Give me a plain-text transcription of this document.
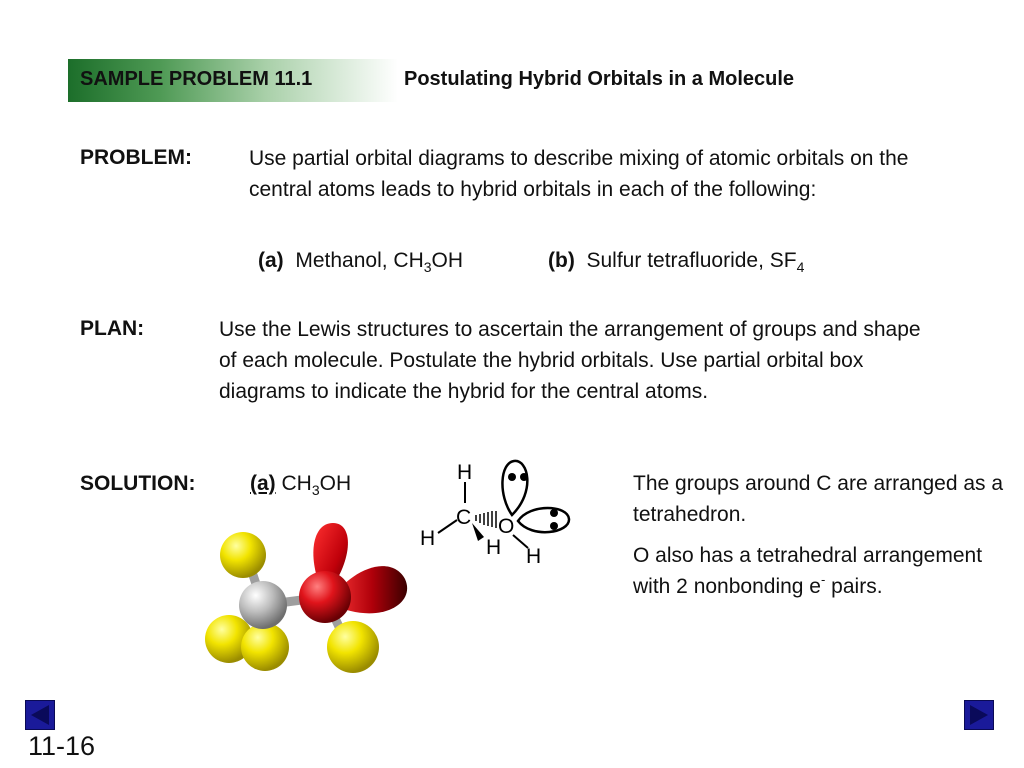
SAMPLE PROBLEM 11.1	Postulating Hybrid Orbitals in a Molecule
PROBLEM:	Use partial orbital diagrams to describe mixing of atomic orbitals on the central atoms leads to hybrid orbitals in each of the following:
(a) Methanol, $CH_3OH$	(b) Sulfur tetrafluoride, $SF_4$
PLAN:	Use the Lewis structures to ascertain the arrangement of groups and shape of each molecule. Postulate the hybrid orbitals. Use partial orbital box diagrams to indicate the hybrid for the central atoms.
SOLUTION:	(a) $CH_3OH$	The groups around C are arranged as a tetrahedron.

O also has a tetrahedral arrangement with 2 nonbonding e- pairs.

H
C O
H H H
11-16
